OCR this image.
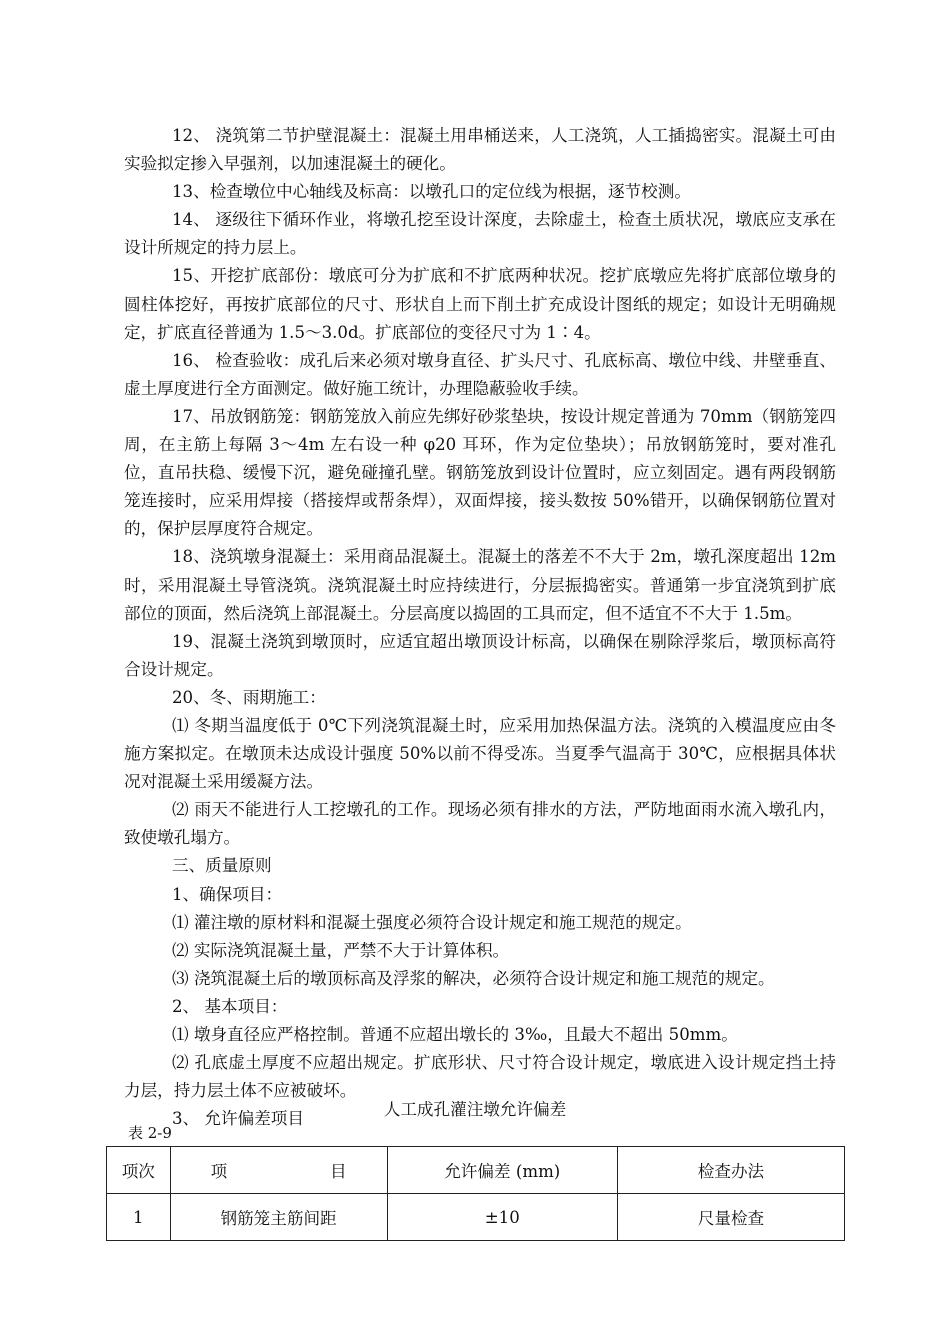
12、 浇筑第二节护壁混凝土：混凝土用串桶送来，人工浇筑，人工插捣密实。混凝土可由实验拟定掺入早强剂，以加速混凝土的硬化。

13、检查墩位中心轴线及标高：以墩孔口的定位线为根据，逐节校测。

14、 逐级往下循环作业，将墩孔挖至设计深度，去除虚土，检查土质状况，墩底应支承在设计所规定的持力层上。

15、开挖扩底部份：墩底可分为扩底和不扩底两种状况。挖扩底墩应先将扩底部位墩身的圆柱体挖好，再按扩底部位的尺寸、形状自上而下削土扩充成设计图纸的规定；如设计无明确规定，扩底直径普通为 1.5～3.0d。扩底部位的变径尺寸为 1∶4。

16、 检查验收：成孔后来必须对墩身直径、扩头尺寸、孔底标高、墩位中线、井壁垂直、虚土厚度进行全方面测定。做好施工统计，办理隐蔽验收手续。

17、吊放钢筋笼：钢筋笼放入前应先绑好砂浆垫块，按设计规定普通为 70mm（钢筋笼四周，在主筋上每隔 3～4m 左右设一种 φ20 耳环，作为定位垫块）；吊放钢筋笼时，要对准孔位，直吊扶稳、缓慢下沉，避免碰撞孔壁。钢筋笼放到设计位置时，应立刻固定。遇有两段钢筋笼连接时，应采用焊接（搭接焊或帮条焊），双面焊接，接头数按 50%错开，以确保钢筋位置对的，保护层厚度符合规定。

18、浇筑墩身混凝土：采用商品混凝土。混凝土的落差不不大于 2m，墩孔深度超出 12m 时，采用混凝土导管浇筑。浇筑混凝土时应持续进行，分层振捣密实。普通第一步宜浇筑到扩底部位的顶面，然后浇筑上部混凝土。分层高度以捣固的工具而定，但不适宜不不大于 1.5m。

19、混凝土浇筑到墩顶时，应适宜超出墩顶设计标高，以确保在剔除浮浆后，墩顶标高符合设计规定。

20、冬、雨期施工：

⑴ 冬期当温度低于 0℃下列浇筑混凝土时，应采用加热保温方法。浇筑的入模温度应由冬施方案拟定。在墩顶未达成设计强度 50%以前不得受冻。当夏季气温高于 30℃，应根据具体状况对混凝土采用缓凝方法。

⑵ 雨天不能进行人工挖墩孔的工作。现场必须有排水的方法，严防地面雨水流入墩孔内，致使墩孔塌方。

三、质量原则

1、确保项目：

⑴ 灌注墩的原材料和混凝土强度必须符合设计规定和施工规范的规定。

⑵ 实际浇筑混凝土量，严禁不大于计算体积。

⑶ 浇筑混凝土后的墩顶标高及浮浆的解决，必须符合设计规定和施工规范的规定。

2、 基本项目：

⑴ 墩身直径应严格控制。普通不应超出墩长的 3‰，且最大不超出 50mm。

⑵ 孔底虚土厚度不应超出规定。扩底形状、尺寸符合设计规定，墩底进入设计规定挡土持力层，持力层土体不应被破坏。

3、 允许偏差项目	人工成孔灌注墩允许偏差
表 2-9
项次	项 目	允许偏差 (mm)	检查办法
1	钢筋笼主筋间距	±10	尺量检查
